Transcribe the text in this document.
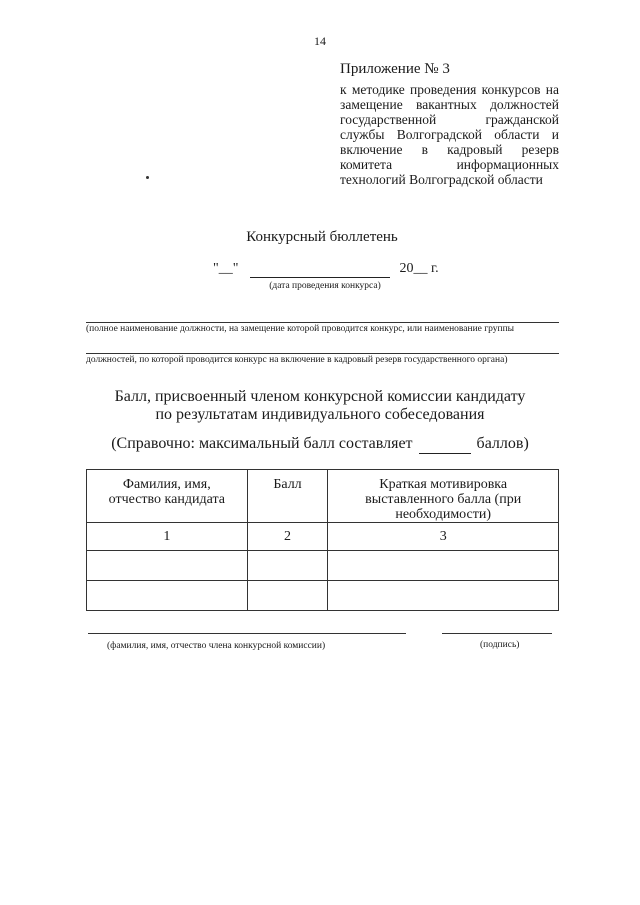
14
Приложение № 3
к методике проведения конкурсов на замещение вакантных должностей государственной гражданской службы Волгоградской области и включение в кадровый резерв комитета информационных технологий Волгоградской области
Конкурсный бюллетень
"__"	20__ г.
(дата проведения конкурса)
(полное наименование должности, на замещение которой проводится конкурс, или наименование группы
должностей, по которой проводится конкурс на включение в кадровый резерв государственного органа)
Балл, присвоенный членом конкурсной комиссии кандидату
по результатам индивидуального собеседования
(Справочно: максимальный балл составляет	баллов)
Фамилия, имя, отчество кандидата	Балл	Краткая мотивировка выставленного балла (при необходимости)
1	2	3

(фамилия, имя, отчество члена конкурсной комиссии)	(подпись)
